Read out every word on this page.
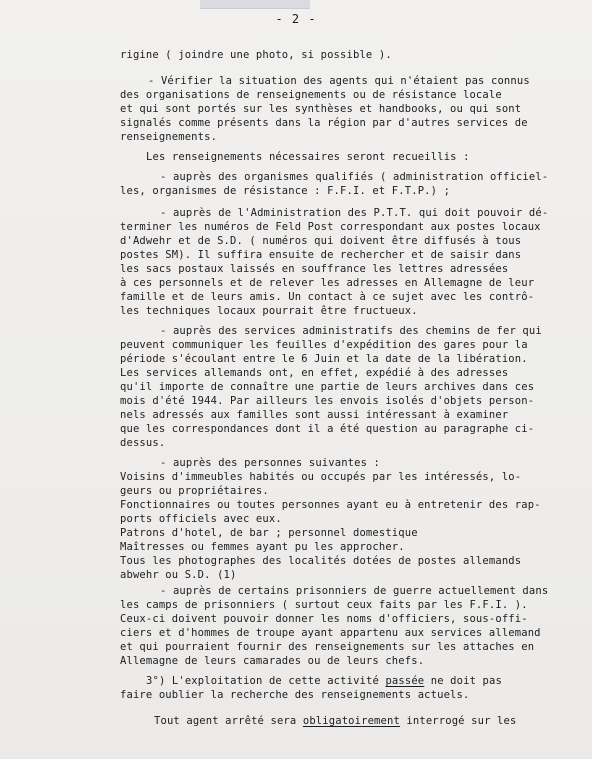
- 2 -
rigine ( joindre une photo, si possible ).
- Vérifier la situation des agents qui n'étaient pas connus
des organisations de renseignements ou de résistance locale
et qui sont portés sur les synthèses et handbooks, ou qui sont
signalés comme présents dans la région par d'autres services de
renseignements.
Les renseignements nécessaires seront recueillis :
- auprès des organismes qualifiés ( administration officiel-
les, organismes de résistance : F.F.I. et F.T.P.) ;
- auprès de l'Administration des P.T.T. qui doit pouvoir dé-
terminer les numéros de Feld Post correspondant aux postes locaux
d'Adwehr et de S.D. ( numéros qui doivent être diffusés à tous
postes SM). Il suffira ensuite de rechercher et de saisir dans
les sacs postaux laissés en souffrance les lettres adressées
à ces personnels et de relever les adresses en Allemagne de leur
famille et de leurs amis. Un contact à ce sujet avec les contrô-
les techniques locaux pourrait être fructueux.
- auprès des services administratifs des chemins de fer qui
peuvent communiquer les feuilles d'expédition des gares pour la
période s'écoulant entre le 6 Juin et la date de la libération.
Les services allemands ont, en effet, expédié à des adresses
qu'il importe de connaître une partie de leurs archives dans ces
mois d'été 1944. Par ailleurs les envois isolés d'objets person-
nels adressés aux familles sont aussi intéressant à examiner
que les correspondances dont il a été question au paragraphe ci-
dessus.
- auprès des personnes suivantes :
Voisins d'immeubles habités ou occupés par les intéressés, lo-
geurs ou propriétaires.
Fonctionnaires ou toutes personnes ayant eu à entretenir des rap-
ports officiels avec eux.
Patrons d'hotel, de bar ; personnel domestique
Maîtresses ou femmes ayant pu les approcher.
Tous les photographes des localités dotées de postes allemands
abwehr ou S.D. (1)
- auprès de certains prisonniers de guerre actuellement dans
les camps de prisonniers ( surtout ceux faits par les F.F.I. ).
Ceux-ci doivent pouvoir donner les noms d'officiers, sous-offi-
ciers et d'hommes de troupe ayant appartenu aux services allemand
et qui pourraient fournir des renseignements sur les attaches en
Allemagne de leurs camarades ou de leurs chefs.
3°) L'exploitation de cette activité passée ne doit pas
faire oublier la recherche des renseignements actuels.
Tout agent arrêté sera obligatoirement interrogé sur les
